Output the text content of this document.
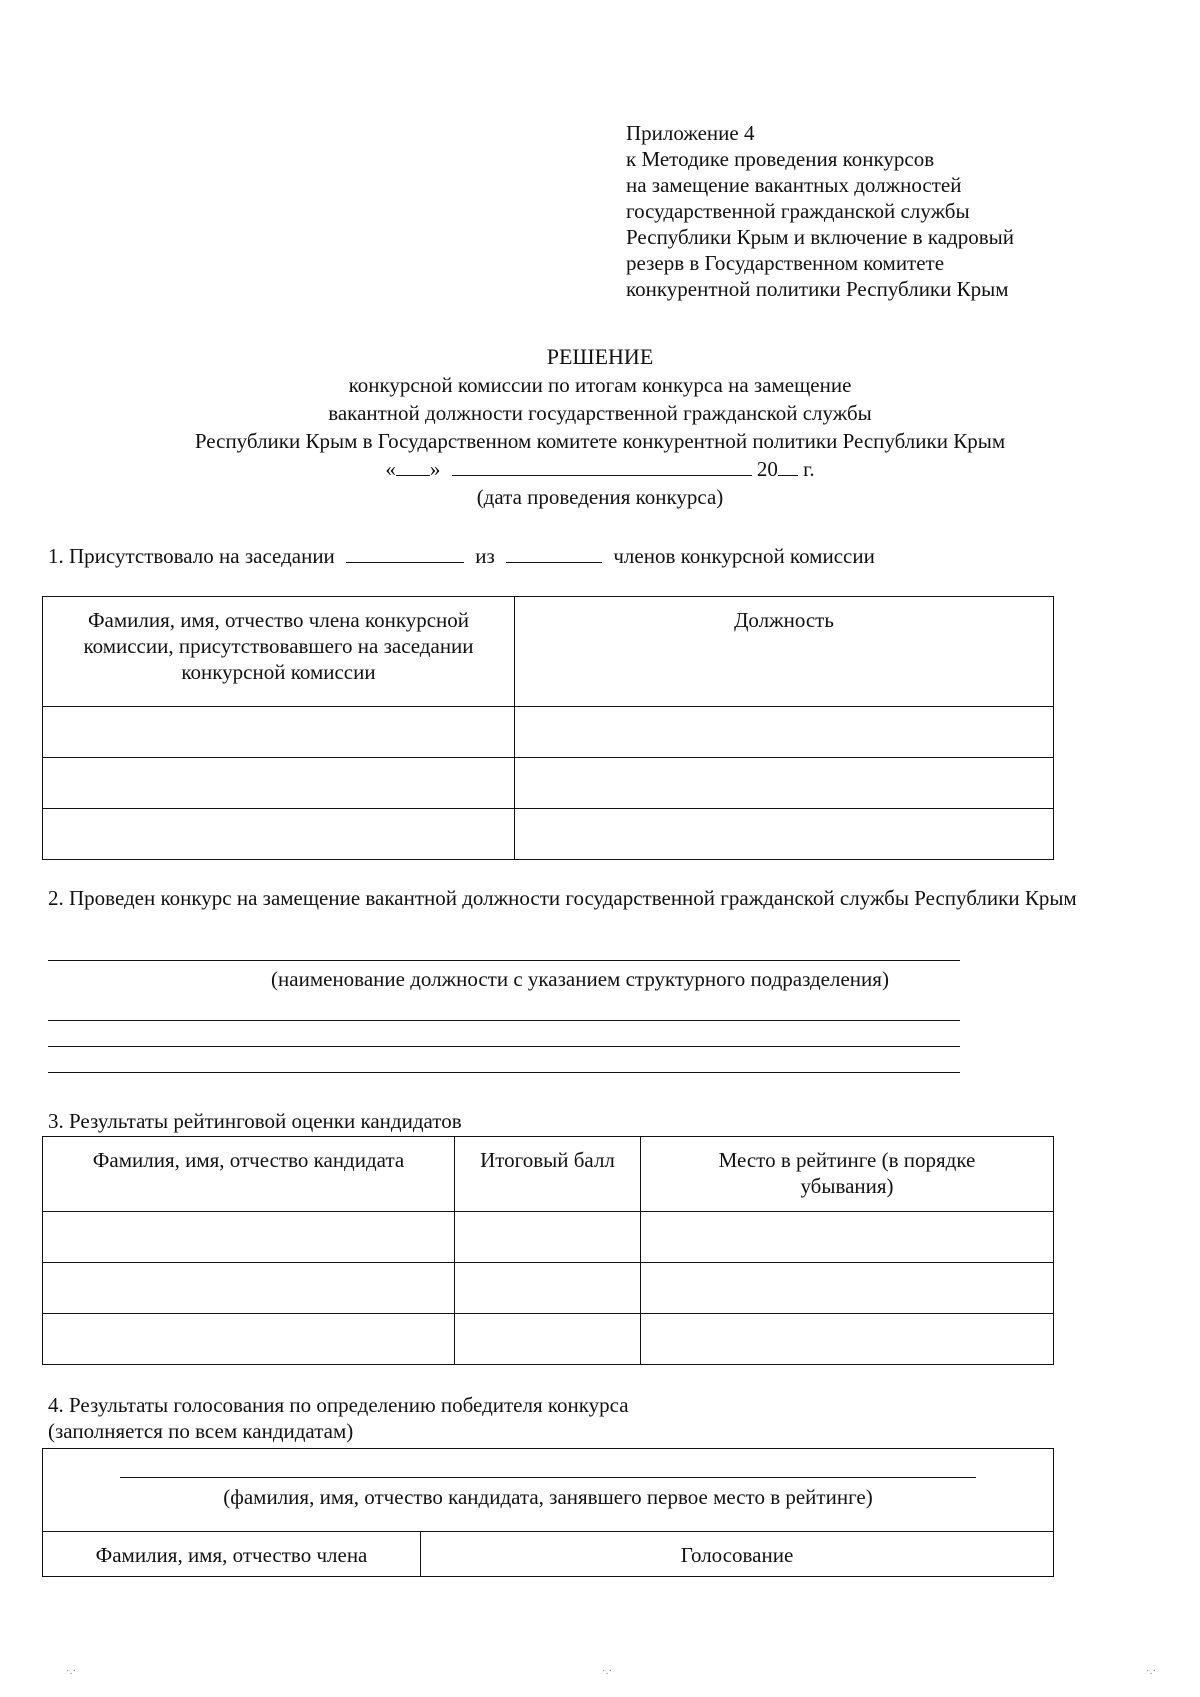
Приложение 4
к Методике проведения конкурсов
на замещение вакантных должностей
государственной гражданской службы
Республики Крым и включение в кадровый
резерв в Государственном комитете
конкурентной политики Республики Крым
РЕШЕНИЕ
конкурсной комиссии по итогам конкурса на замещение
вакантной должности государственной гражданской службы
Республики Крым в Государственном комитете конкурентной политики Республики Крым
« »	20 г.
(дата проведения конкурса)
1. Присутствовало на заседании	из	членов конкурсной комиссии
Фамилия, имя, отчество члена конкурсной комиссии, присутствовавшего на заседании конкурсной комиссии	Должность

2. Проведен конкурс на замещение вакантной должности государственной гражданской службы Республики Крым
(наименование должности с указанием структурного подразделения)
3. Результаты рейтинговой оценки кандидатов
Фамилия, имя, отчество кандидата	Итоговый балл	Место в рейтинге (в порядке убывания)

4. Результаты голосования по определению победителя конкурса
(заполняется по всем кандидатам)
(фамилия, имя, отчество кандидата, занявшего первое место в рейтинге)

Фамилия, имя, отчество члена	Голосование
˙·˙	˙·˙	˙·˙
